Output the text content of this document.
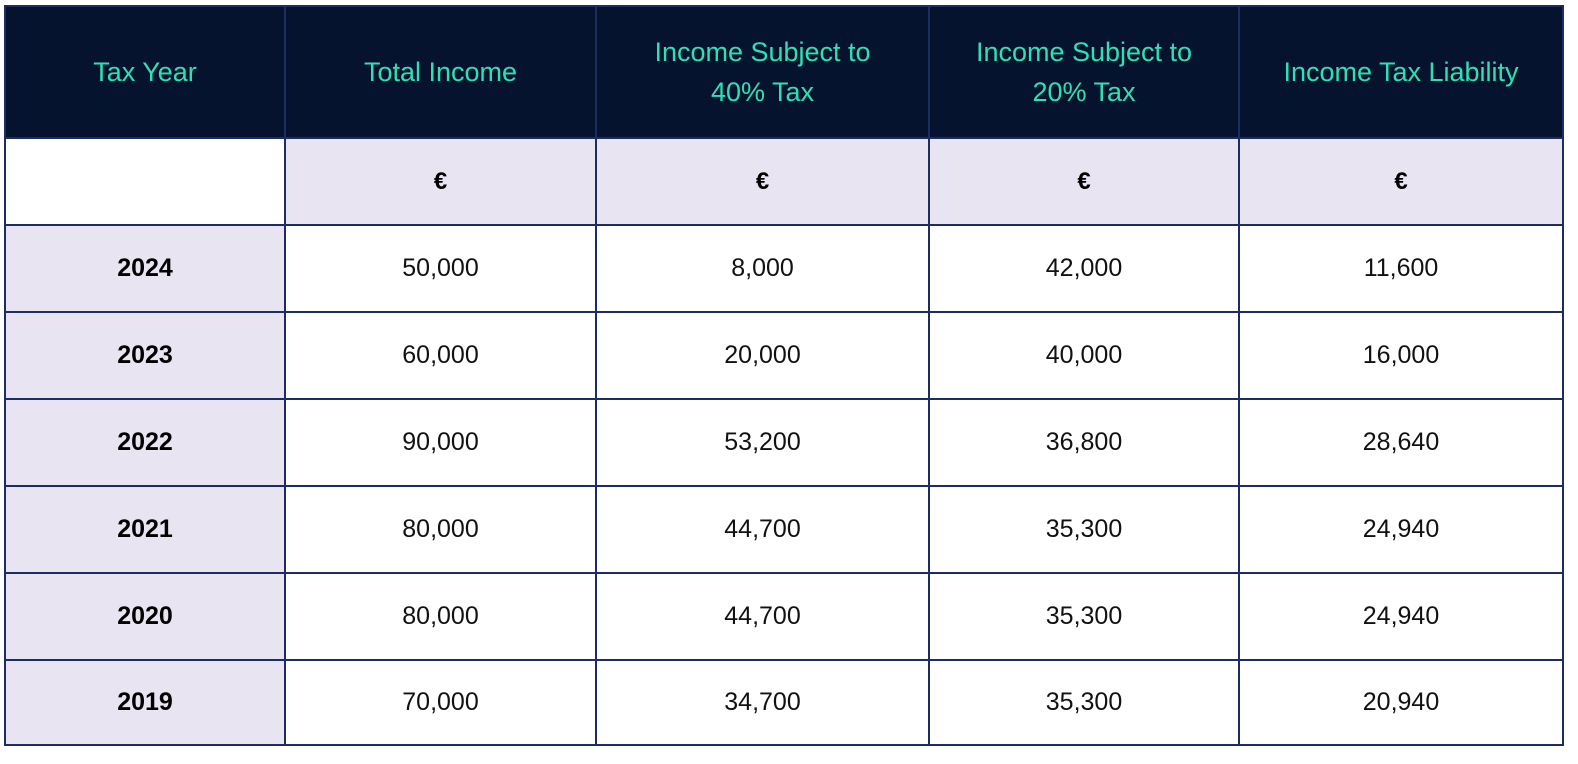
Tax Year	Total Income	Income Subject to 40% Tax	Income Subject to 20% Tax	Income Tax Liability
	€	€	€	€
2024	50,000	8,000	42,000	11,600
2023	60,000	20,000	40,000	16,000
2022	90,000	53,200	36,800	28,640
2021	80,000	44,700	35,300	24,940
2020	80,000	44,700	35,300	24,940
2019	70,000	34,700	35,300	20,940
